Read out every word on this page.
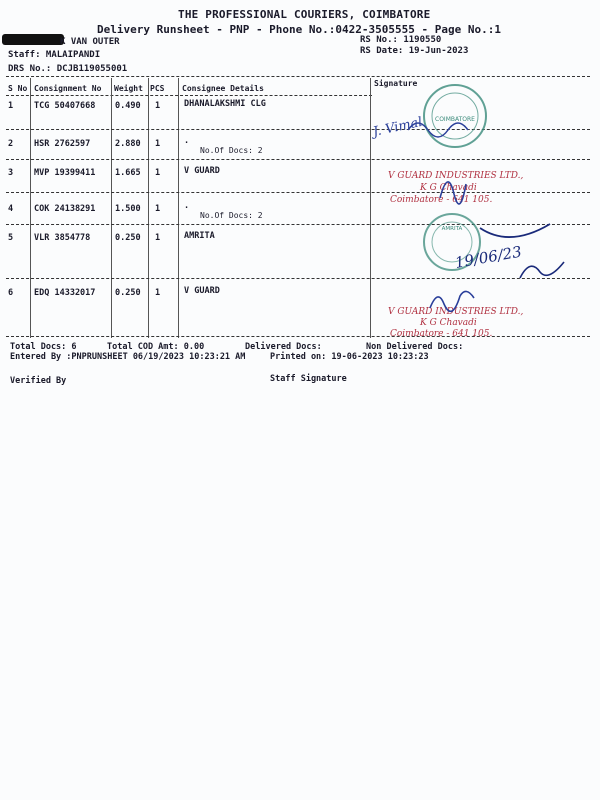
THE PROFESSIONAL COURIERS, COIMBATORE
Delivery Runsheet - PNP - Phone No.:0422-3505555 - Page No.:1
K VAN OUTER
Staff: MALAIPANDI
DRS No.: DCJB119055001
RS No.: 1190550
RS Date: 19-Jun-2023
S No Consignment No Weight PCS Consignee Details
Signature
1 TCG 50407668 0.490 1	DHANALAKSHMI CLG
2 HSR 2762597	2.880 1	.
No.Of Docs: 2
3 MVP 19399411 1.665 1	V GUARD
4 COK 24138291 1.500 1	.
No.Of Docs: 2
5 VLR 3854778	0.250 1	AMRITA
6 EDQ 14332017 0.250 1	V GUARD
COIMBATORE
J. Vimal
V GUARD INDUSTRIES LTD.,
K G Chavadi
Coimbatore - 641 105.
AMRITA
19/06/23
V GUARD INDUSTRIES LTD.,
K G Chavadi
Coimbatore - 641 105.
Total Docs: 6	Total COD Amt: 0.00	Delivered Docs:	Non Delivered Docs:
Entered By :PNPRUNSHEET 06/19/2023 10:23:21 AM	Printed on: 19-06-2023 10:23:23
Verified By	Staff Signature
